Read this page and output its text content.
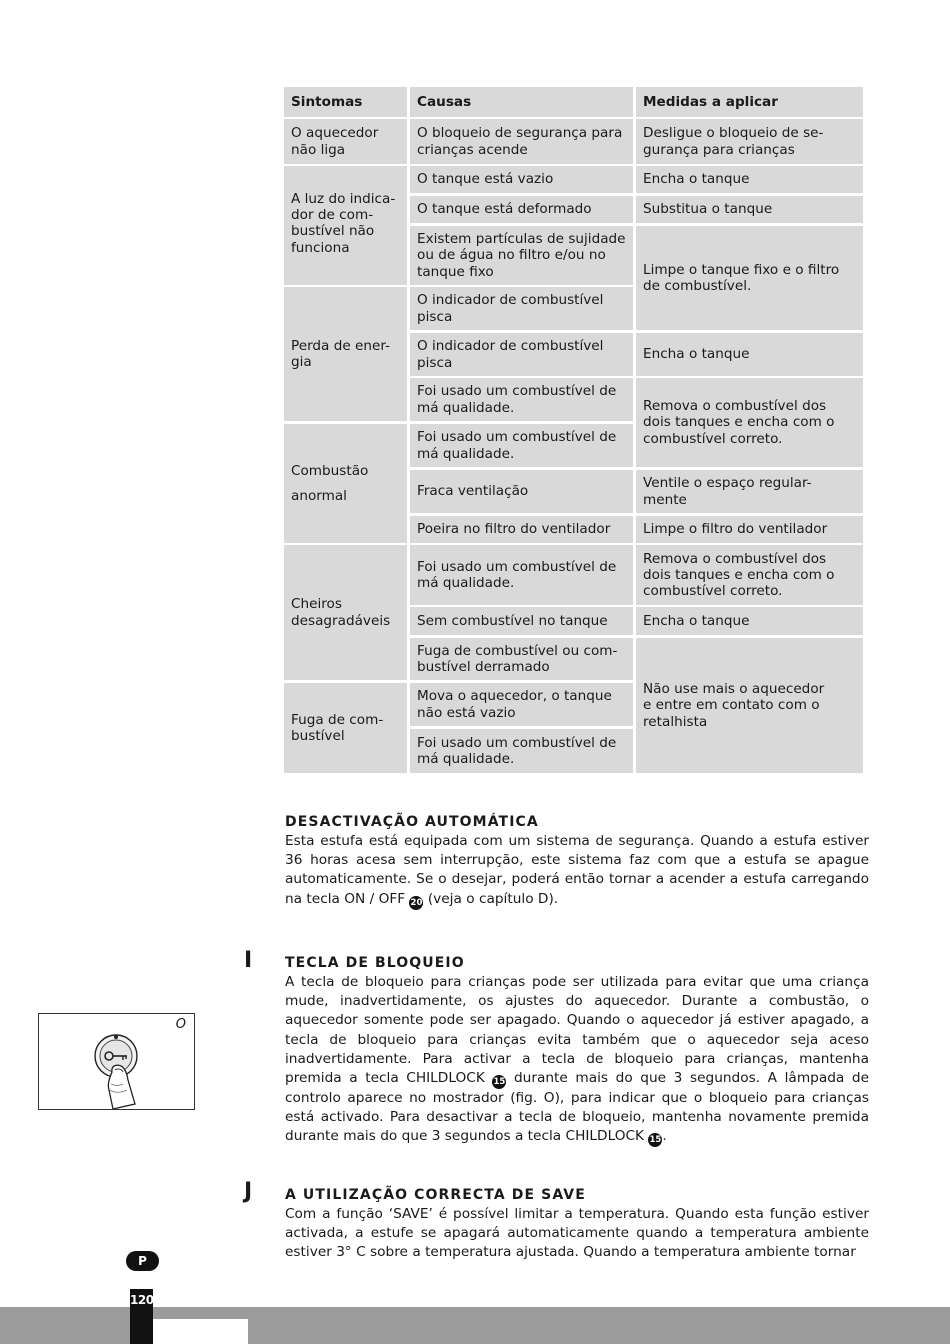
Sintomas	Causas	Medidas a aplicar
O aquecedor
não liga
A luz do indica-
dor de com-
bustível não
funciona
Perda de ener-
gia
Combustão

anormal
Cheiros
desagradáveis
Fuga de com-
bustível
O bloqueio de segurança para
crianças acende
O tanque está vazio
O tanque está deformado
Existem partículas de sujidade
ou de água no filtro e/ou no
tanque fixo
O indicador de combustível
pisca
O indicador de combustível
pisca
Foi usado um combustível de
má qualidade.
Foi usado um combustível de
má qualidade.
Fraca ventilação
Poeira no filtro do ventilador
Foi usado um combustível de
má qualidade.
Sem combustível no tanque
Fuga de combustível ou com-
bustível derramado
Mova o aquecedor, o tanque
não está vazio
Foi usado um combustível de
má qualidade.
Desligue o bloqueio de se-
gurança para crianças
Encha o tanque
Substitua o tanque
Limpe o tanque fixo e o filtro
de combustível.
Encha o tanque
Remova o combustível dos
dois tanques e encha com o
combustível correto.
Ventile o espaço regular-
mente
Limpe o filtro do ventilador
Remova o combustível dos
dois tanques e encha com o
combustível correto.
Encha o tanque
Não use mais o aquecedor
e entre em contato com o
retalhista
DESACTIVAÇÃO AUTOMÁTICA

Esta estufa está equipada com um sistema de segurança. Quando a estufa estiver 36 horas acesa sem interrupção, este sistema faz com que a estufa se apague automaticamente. Se o desejar, poderá então tornar a acender a estufa carregando na tecla ON / OFF 20 (veja o capítulo D).

I TECLA DE BLOQUEIO

A tecla de bloqueio para crianças pode ser utilizada para evitar que uma criança mude, inadvertidamente, os ajustes do aquecedor. Durante a combustão, o aquecedor somente pode ser apagado. Quando o aquecedor já estiver apagado, a tecla de bloqueio para crianças evita também que o aquecedor seja aceso inadvertidamente. Para activar a tecla de bloqueio para crianças, mantenha premida a tecla CHILDLOCK 15 durante mais do que 3 segundos. A lâmpada de controlo aparece no mostrador (fig. O), para indicar que o bloqueio para crianças está activado. Para desactivar a tecla de bloqueio, mantenha novamente premida durante mais do que 3 segundos a tecla CHILDLOCK 15.

O
J A UTILIZAÇÃO CORRECTA DE SAVE

Com a função ‘SAVE’ é possível limitar a temperatura. Quando esta função estiver activada, a estufe se apagará automaticamente quando a temperatura ambiente estiver 3° C sobre a temperatura ajustada. Quando a temperatura ambiente tornar

P
120
